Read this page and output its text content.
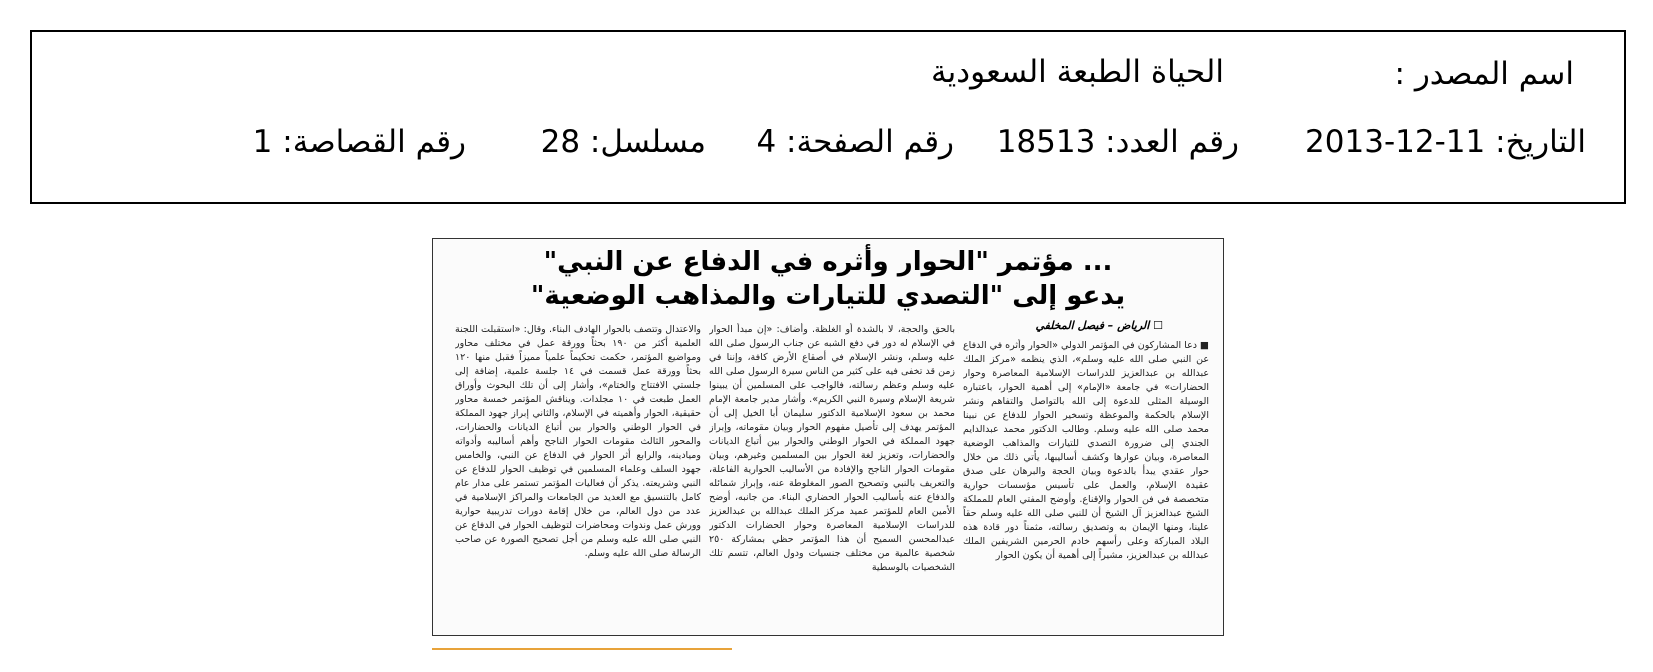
اسم المصدر :
الحياة الطبعة السعودية
التاريخ: 11-12-2013
رقم العدد: 18513
رقم الصفحة: 4
مسلسل: 28
رقم القصاصة: 1
... مؤتمر "الحوار وأثره في الدفاع عن النبي"
يدعو إلى "التصدي للتيارات والمذاهب الوضعية"
☐ الرياض – فيصل المخلفي

■ دعا المشاركون في المؤتمر الدولي «الحوار وأثره في الدفاع عن النبي صلى الله عليه وسلم»، الذي ينظمه «مركز الملك عبدالله بن عبدالعزيز للدراسات الإسلامية المعاصرة وحوار الحضارات» في جامعة «الإمام» إلى أهمية الحوار، باعتباره الوسيلة المثلى للدعوة إلى الله بالتواصل والتفاهم ونشر الإسلام بالحكمة والموعظة وتسخير الحوار للدفاع عن نبينا محمد صلى الله عليه وسلم. وطالب الدكتور محمد عبدالدايم الجندي إلى ضرورة التصدي للتيارات والمذاهب الوضعية المعاصرة، وبيان عوارها وكشف أساليبها، يأتي ذلك من خلال حوار عقدي يبدأ بالدعوة وبيان الحجة والبرهان على صدق عقيدة الإسلام، والعمل على تأسيس مؤسسات حوارية متخصصة في فن الحوار والإقناع. وأوضح المفتي العام للمملكة الشيخ عبدالعزيز آل الشيخ أن للنبي صلى الله عليه وسلم حقاً علينا، ومنها الإيمان به وتصديق رسالته، مثمناً دور قادة هذه البلاد المباركة وعلى رأسهم خادم الحرمين الشريفين الملك عبدالله بن عبدالعزيز، مشيراً إلى أهمية أن يكون الحوار

بالحق والحجة، لا بالشدة أو الغلظة. وأضاف: «إن مبدأ الحوار في الإسلام له دور في دفع الشبه عن جناب الرسول صلى الله عليه وسلم، ونشر الإسلام في أصقاع الأرض كافة، وإننا في زمن قد تخفى فيه على كثير من الناس سيرة الرسول صلى الله عليه وسلم وعظم رسالته، فالواجب على المسلمين أن يبينوا شريعة الإسلام وسيرة النبي الكريم». وأشار مدير جامعة الإمام محمد بن سعود الإسلامية الدكتور سليمان أبا الخيل إلى أن المؤتمر يهدف إلى تأصيل مفهوم الحوار وبيان مقوماته، وإبراز جهود المملكة في الحوار الوطني والحوار بين أتباع الديانات والحضارات، وتعزيز لغة الحوار بين المسلمين وغيرهم، وبيان مقومات الحوار الناجح والإفادة من الأساليب الحوارية الفاعلة، والتعريف بالنبي وتصحيح الصور المغلوطة عنه، وإبراز شمائله والدفاع عنه بأساليب الحوار الحضاري البناء. من جانبه، أوضح الأمين العام للمؤتمر عميد مركز الملك عبدالله بن عبدالعزيز للدراسات الإسلامية المعاصرة وحوار الحضارات الدكتور عبدالمحسن السميح أن هذا المؤتمر حظي بمشاركة ٢٥٠ شخصية عالمية من مختلف جنسيات ودول العالم، تتسم تلك الشخصيات بالوسطية

والاعتدال وتتصف بالحوار الهادف البناء. وقال: «استقبلت اللجنة العلمية أكثر من ١٩٠ بحثاً وورقة عمل في مختلف محاور ومواضيع المؤتمر، حكمت تحكيماً علمياً مميزاً فقبل منها ١٢٠ بحثاً وورقة عمل قسمت في ١٤ جلسة علمية، إضافة إلى جلستي الافتتاح والختام»، وأشار إلى أن تلك البحوث وأوراق العمل طبعت في ١٠ مجلدات. ويناقش المؤتمر خمسة محاور حقيقية، الحوار وأهميته في الإسلام، والثاني إبراز جهود المملكة في الحوار الوطني والحوار بين أتباع الديانات والحضارات، والمحور الثالث مقومات الحوار الناجح وأهم أساليبه وأدواته وميادينه، والرابع أثر الحوار في الدفاع عن النبي، والخامس جهود السلف وعلماء المسلمين في توظيف الحوار للدفاع عن النبي وشريعته. يذكر أن فعاليات المؤتمر تستمر على مدار عام كامل بالتنسيق مع العديد من الجامعات والمراكز الإسلامية في عدد من دول العالم، من خلال إقامة دورات تدريبية حوارية وورش عمل وندوات ومحاضرات لتوظيف الحوار في الدفاع عن النبي صلى الله عليه وسلم من أجل تصحيح الصورة عن صاحب الرسالة صلى الله عليه وسلم.
